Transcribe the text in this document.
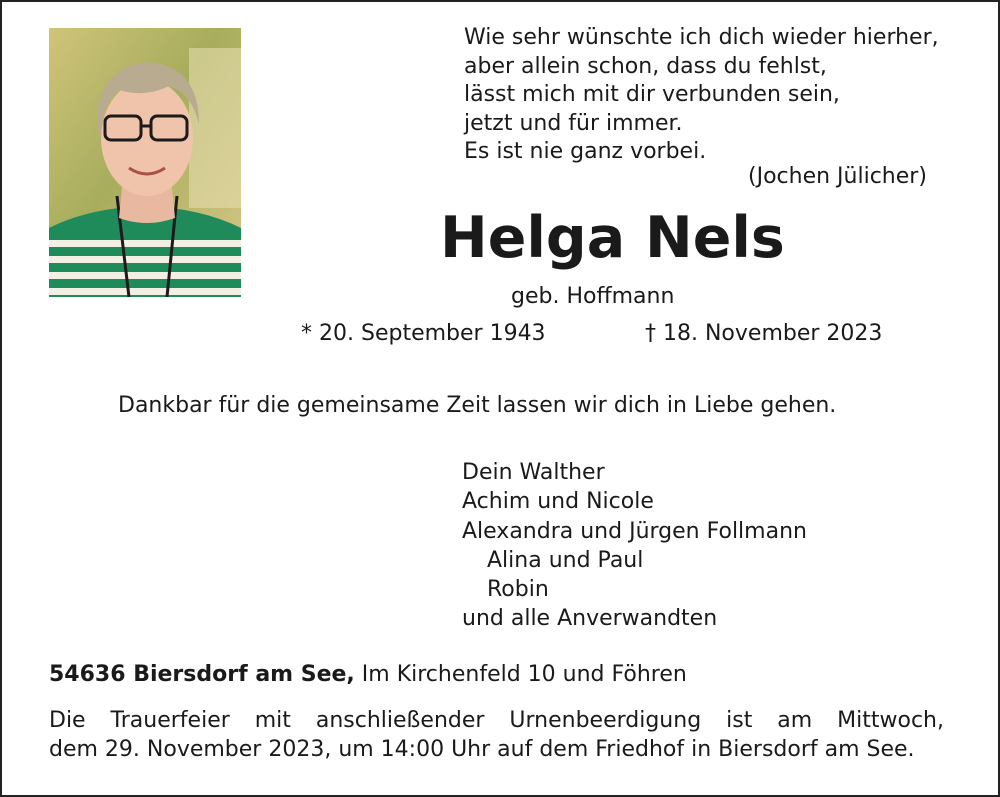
Wie sehr wünschte ich dich wieder hierher,
aber allein schon, dass du fehlst,
lässt mich mit dir verbunden sein,
jetzt und für immer.
Es ist nie ganz vorbei.
(Jochen Jülicher)
Helga Nels
geb. Hoffmann
* 20. September 1943	† 18. November 2023
Dankbar für die gemeinsame Zeit lassen wir dich in Liebe gehen.
Dein Walther
Achim und Nicole
Alexandra und Jürgen Follmann
Alina und Paul
Robin
und alle Anverwandten
54636 Biersdorf am See, Im Kirchenfeld 10 und Föhren
Die Trauerfeier mit anschließender Urnenbeerdigung ist am Mittwoch,
dem 29. November 2023, um 14:00 Uhr auf dem Friedhof in Biersdorf am See.
